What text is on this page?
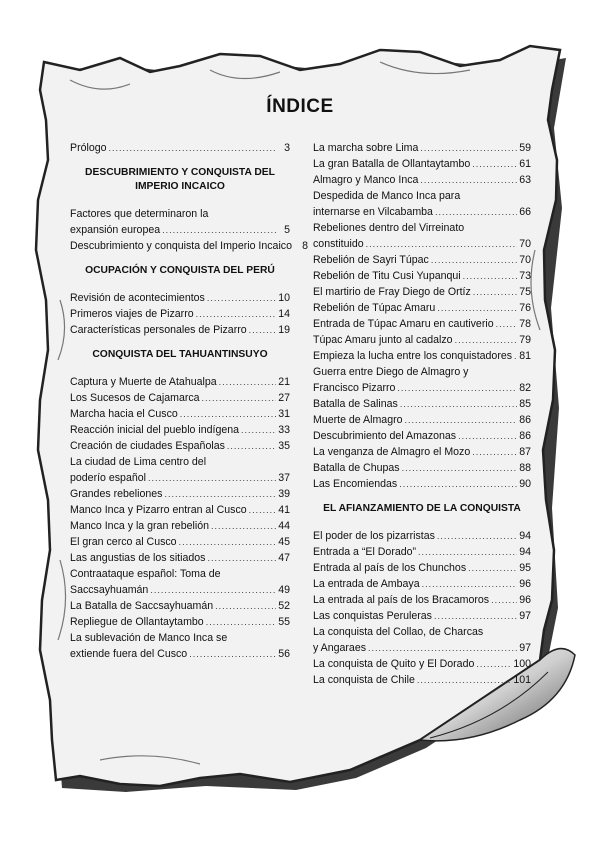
ÍNDICE
Prólogo .....	3
DESCUBRIMIENTO Y CONQUISTA DEL IMPERIO INCAICO
Factores que determinaron la
expansión europea .....	5
Descubrimiento y conquista del Imperio Incaico 8
OCUPACIÓN Y CONQUISTA DEL PERÚ
Revisión de acontecimientos .....	10
Primeros viajes de Pizarro .....	14
Características personales de Pizarro .....	19
CONQUISTA DEL TAHUANTINSUYO
Captura y Muerte de Atahualpa .....	21
Los Sucesos de Cajamarca .....	27
Marcha hacia el Cusco .....	31
Reacción inicial del pueblo indígena .....	33
Creación de ciudades Españolas .....	35
La ciudad de Lima centro del
poderío español .....	37
Grandes rebeliones .....	39
Manco Inca y Pizarro entran al Cusco .....	41
Manco Inca y la gran rebelión .....	44
El gran cerco al Cusco .....	45
Las angustias de los sitiados .....	47
Contraataque español: Toma de
Saccsayhuamán .....	49
La Batalla de Saccsayhuamán .....	52
Repliegue de Ollantaytambo .....	55
La sublevación de Manco Inca se
extiende fuera del Cusco .....	56
La marcha sobre Lima .....	59
La gran Batalla de Ollantaytambo .....	61
Almagro y Manco Inca .....	63
Despedida de Manco Inca para
internarse en Vilcabamba .....	66
Rebeliones dentro del Virreinato
constituido .....	70
Rebelión de Sayri Túpac .....	70
Rebelión de Titu Cusi Yupanqui .....	73
El martirio de Fray Diego de Ortíz .....	75
Rebelión de Túpac Amaru .....	76
Entrada de Túpac Amaru en cautiverio ..... 78
Túpac Amaru junto al cadalzo .....	79
Empieza la lucha entre los conquistadores ..... 81
Guerra entre Diego de Almagro y
Francisco Pizarro .....	82
Batalla de Salinas .....	85
Muerte de Almagro .....	86
Descubrimiento del Amazonas .....	86
La venganza de Almagro el Mozo .....	87
Batalla de Chupas .....	88
Las Encomiendas .....	90
EL AFIANZAMIENTO DE LA CONQUISTA
El poder de los pizarristas .....	94
Entrada a “El Dorado” .....	94
Entrada al país de los Chunchos .....	95
La entrada de Ambaya .....	96
La entrada al país de los Bracamoros .....	96
Las conquistas Peruleras .....	97
La conquista del Collao, de Charcas
y Angaraes .....	97
La conquista de Quito y El Dorado .....	100
La conquista de Chile .....	101
